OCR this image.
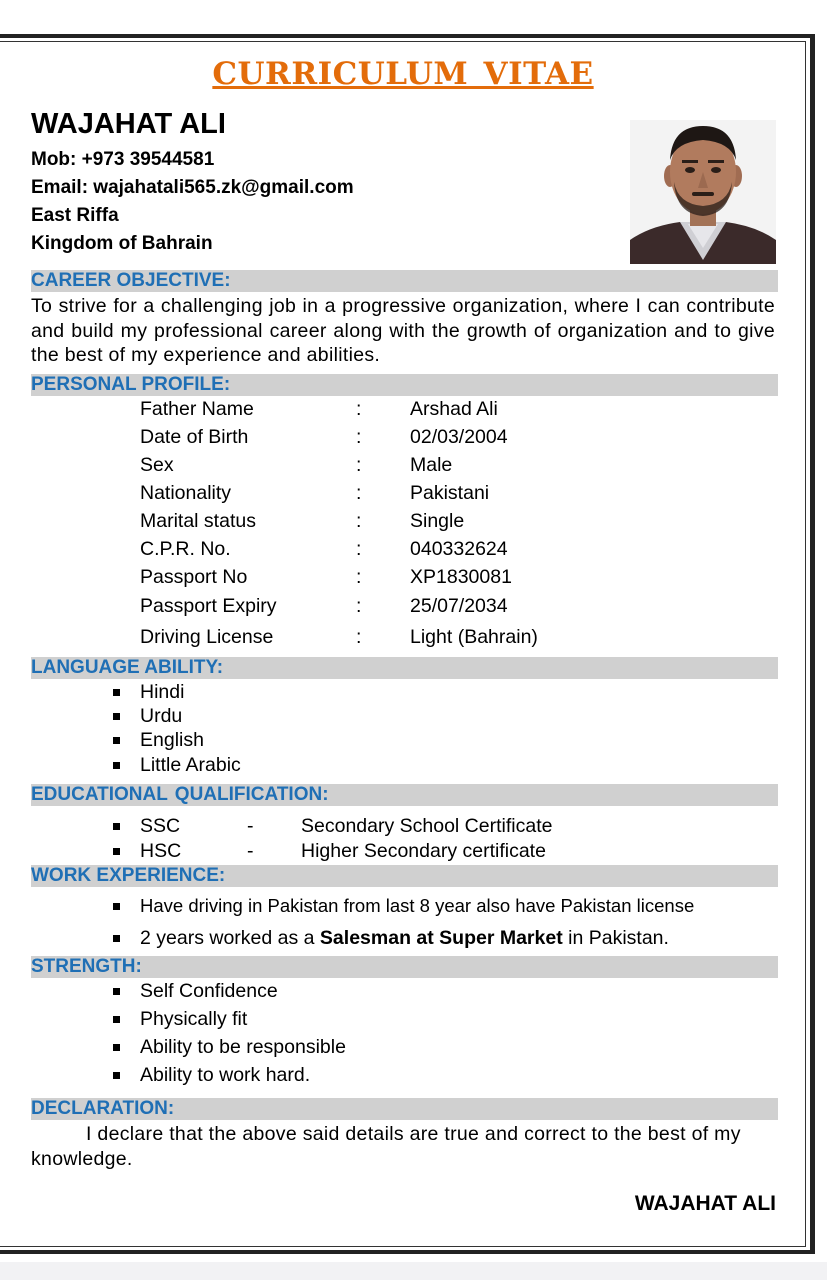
CURRICULUM VITAE
WAJAHAT ALI
Mob: +973 39544581
Email: wajahatali565.zk@gmail.com
East Riffa
Kingdom of Bahrain
CAREER OBJECTIVE:
To strive for a challenging job in a progressive organization, where I can contribute and build my professional career along with the growth of organization and to give the best of my experience and abilities.
PERSONAL PROFILE:
Father Name	: Arshad Ali
Date of Birth	: 02/03/2004
Sex	: Male
Nationality	: Pakistani
Marital status	: Single
C.P.R. No.	: 040332624
Passport No	: XP1830081
Passport Expiry	: 25/07/2034
Driving License	: Light (Bahrain)
LANGUAGE ABILITY:
Hindi
Urdu
English
Little Arabic
EDUCATIONAL QUALIFICATION:
SSC	- Secondary School Certificate
HSC	- Higher Secondary certificate
WORK EXPERIENCE:
Have driving in Pakistan from last 8 year also have Pakistan license
2 years worked as a Salesman at Super Market in Pakistan.
STRENGTH:
Self Confidence
Physically fit
Ability to be responsible
Ability to work hard.
DECLARATION:
I declare that the above said details are true and correct to the best of my knowledge.
WAJAHAT ALI
